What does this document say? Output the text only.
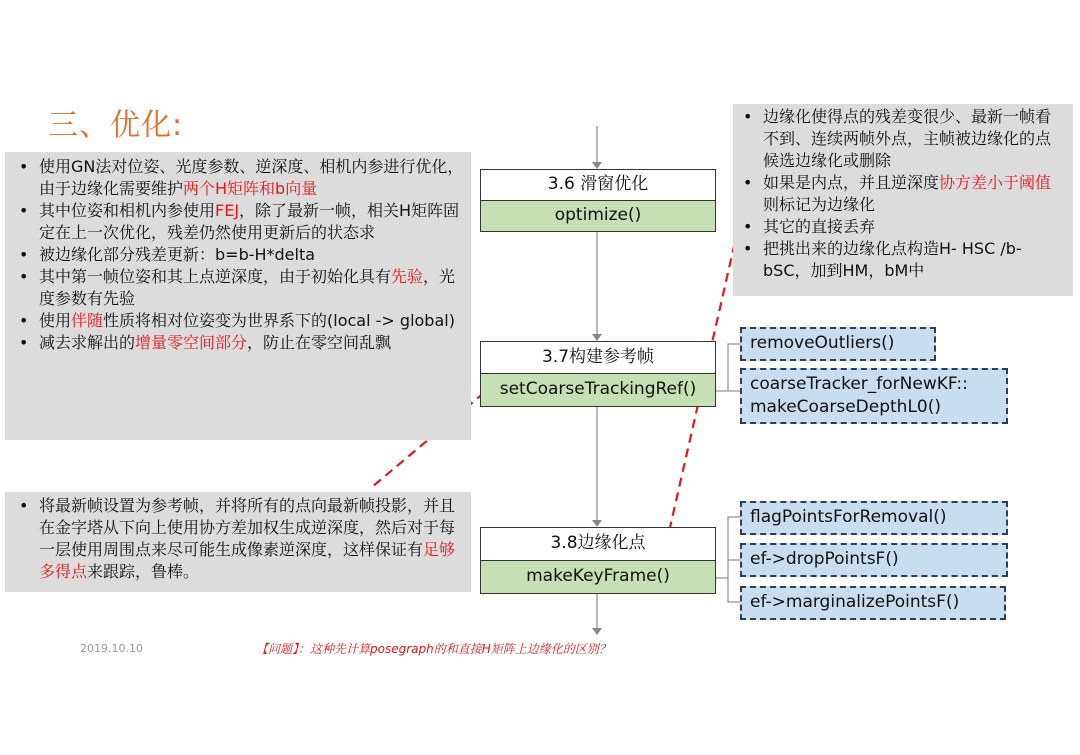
三、优化:
• 使用GN法对位姿、光度参数、逆深度、相机内参进行优化，由于边缘化需要维护两个H矩阵和b向量
• 其中位姿和相机内参使用FEJ，除了最新一帧，相关H矩阵固定在上一次优化，残差仍然使用更新后的状态求
• 被边缘化部分残差更新：b=b-H*delta
• 其中第一帧位姿和其上点逆深度，由于初始化具有先验，光度参数有先验
• 使用伴随性质将相对位姿变为世界系下的(local -> global)
• 减去求解出的增量零空间部分，防止在零空间乱飘
• 将最新帧设置为参考帧，并将所有的点向最新帧投影，并且在金字塔从下向上使用协方差加权生成逆深度，然后对于每一层使用周围点来尽可能生成像素逆深度，这样保证有足够多得点来跟踪，鲁棒。
• 边缘化使得点的残差变很少、最新一帧看不到、连续两帧外点，主帧被边缘化的点候选边缘化或删除
• 如果是内点，并且逆深度协方差小于阈值则标记为边缘化
• 其它的直接丢弃
• 把挑出来的边缘化点构造H- HSC /b- bSC，加到HM，bM中
3.6 滑窗优化
optimize()
3.7构建参考帧
setCoarseTrackingRef()
3.8边缘化点
makeKeyFrame()
removeOutliers()
coarseTracker_forNewKF::
makeCoarseDepthL0()
flagPointsForRemoval()
ef->dropPointsF()
ef->marginalizePointsF()
2019.10.10	【问题】：这种先计算posegraph的和直接H矩阵上边缘化的区别？
